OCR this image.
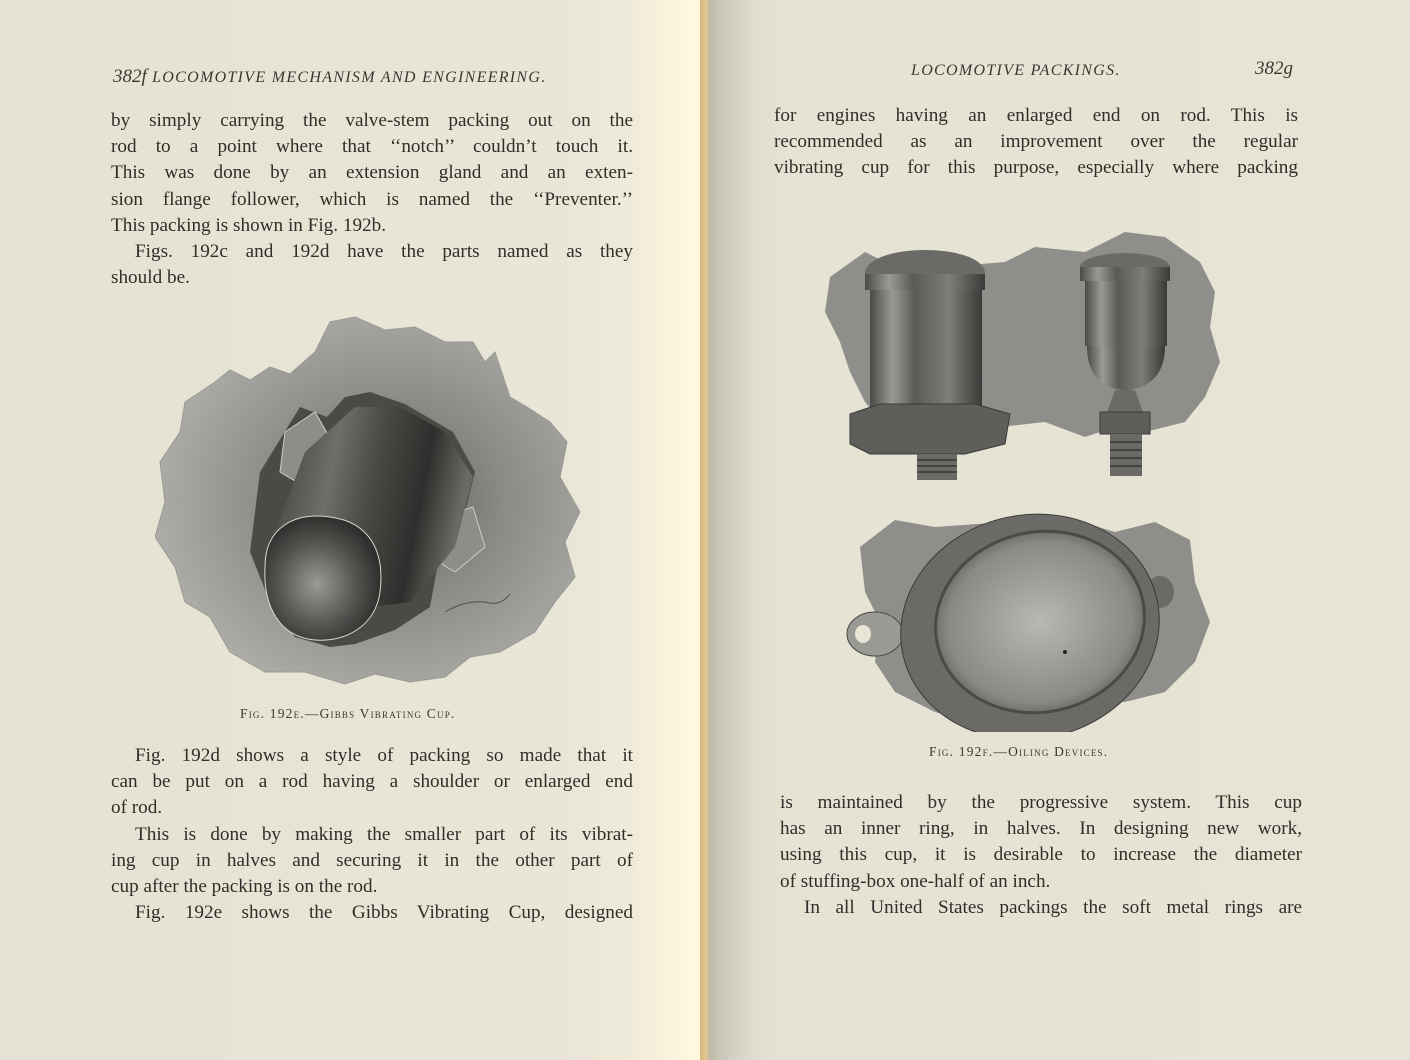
382f LOCOMOTIVE MECHANISM AND ENGINEERING.
by simply carrying the valve-stem packing out on the
rod to a point where that ‘‘notch’’ couldn’t touch it.
This was done by an extension gland and an exten-
sion flange follower, which is named the ‘‘Preventer.’’
This packing is shown in Fig. 192b.
Figs. 192c and 192d have the parts named as they
should be.
Fig. 192e.—Gibbs Vibrating Cup.
Fig. 192d shows a style of packing so made that it
can be put on a rod having a shoulder or enlarged end
of rod.
This is done by making the smaller part of its vibrat-
ing cup in halves and securing it in the other part of
cup after the packing is on the rod.
Fig. 192e shows the Gibbs Vibrating Cup, designed
LOCOMOTIVE PACKINGS.	382g
for engines having an enlarged end on rod. This is
recommended as an improvement over the regular
vibrating cup for this purpose, especially where packing
Fig. 192f.—Oiling Devices.
is maintained by the progressive system. This cup
has an inner ring, in halves. In designing new work,
using this cup, it is desirable to increase the diameter
of stuffing-box one-half of an inch.
In all United States packings the soft metal rings are
